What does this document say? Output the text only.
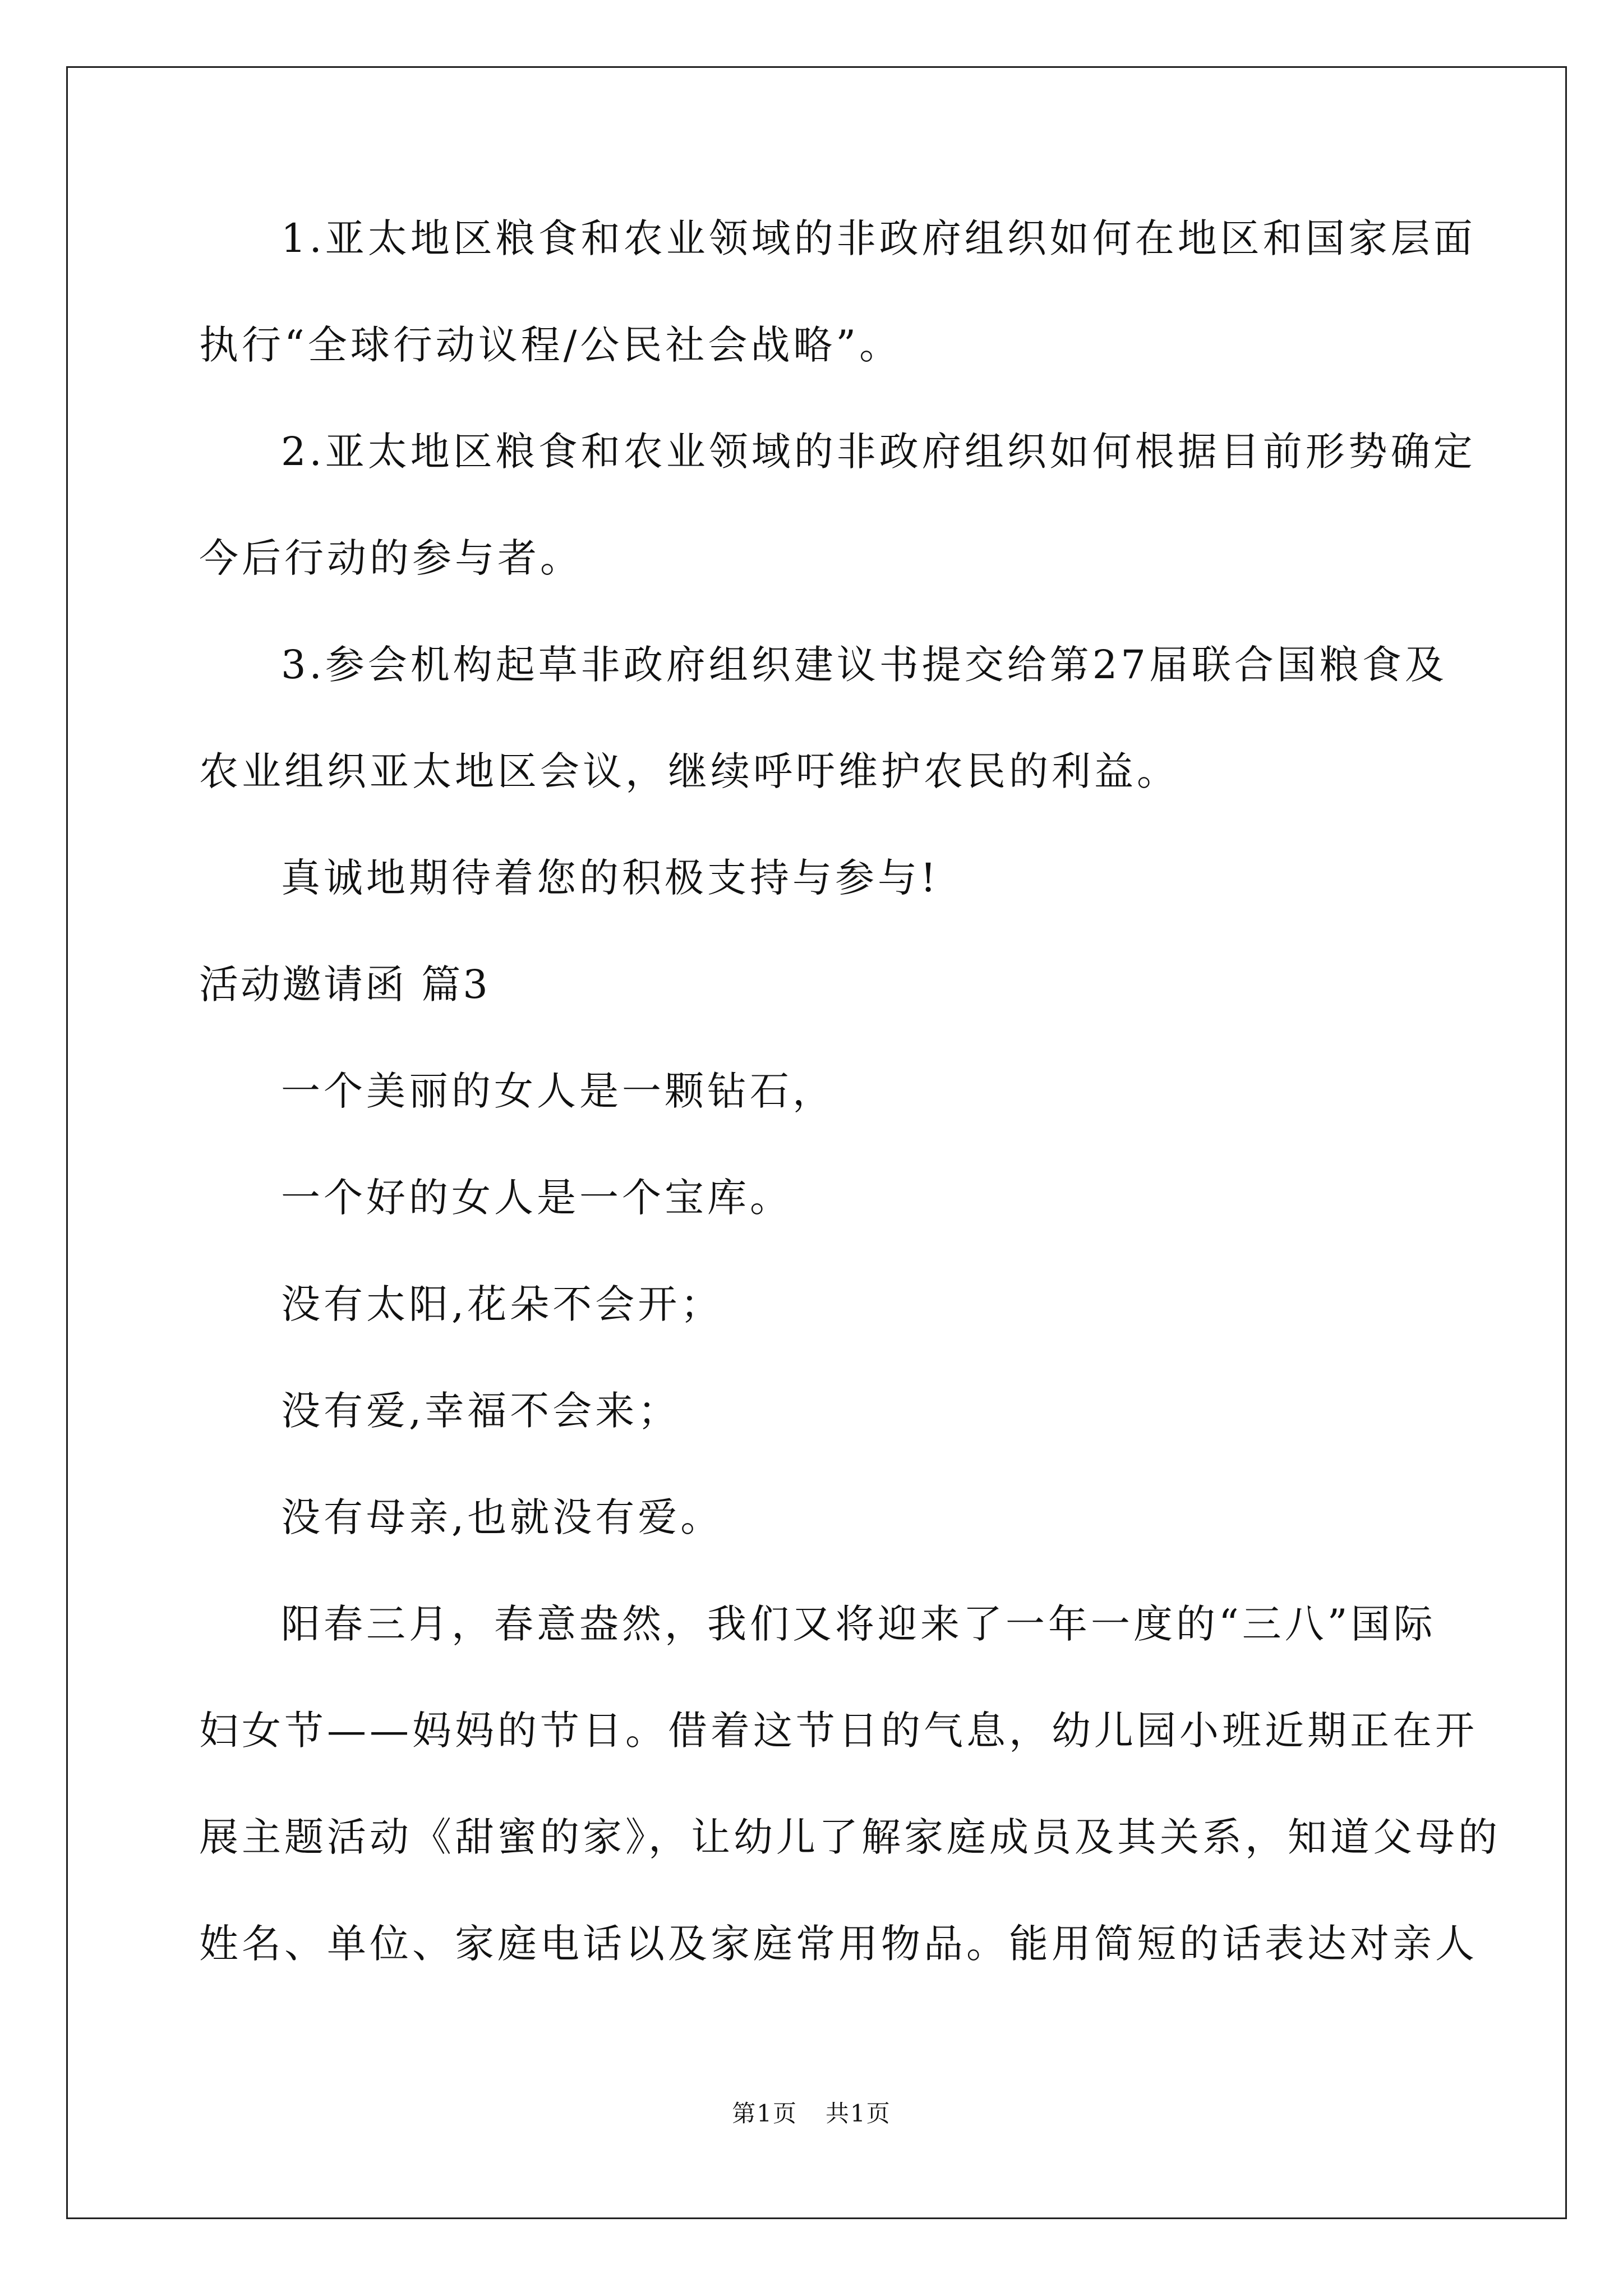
1.亚太地区粮食和农业领域的非政府组织如何在地区和国家层面
执行“全球行动议程/公民社会战略”。
2.亚太地区粮食和农业领域的非政府组织如何根据目前形势确定
今后行动的参与者。
3.参会机构起草非政府组织建议书提交给第27届联合国粮食及
农业组织亚太地区会议，继续呼吁维护农民的利益。
真诚地期待着您的积极支持与参与!
活动邀请函 篇3
一个美丽的女人是一颗钻石，
一个好的女人是一个宝库。
没有太阳,花朵不会开；
没有爱,幸福不会来；
没有母亲,也就没有爱。
阳春三月，春意盎然，我们又将迎来了一年一度的“三八”国际
妇女节——妈妈的节日。借着这节日的气息，幼儿园小班近期正在开
展主题活动《甜蜜的家》，让幼儿了解家庭成员及其关系，知道父母的
姓名、单位、家庭电话以及家庭常用物品。能用简短的话表达对亲人
第1页 共1页
